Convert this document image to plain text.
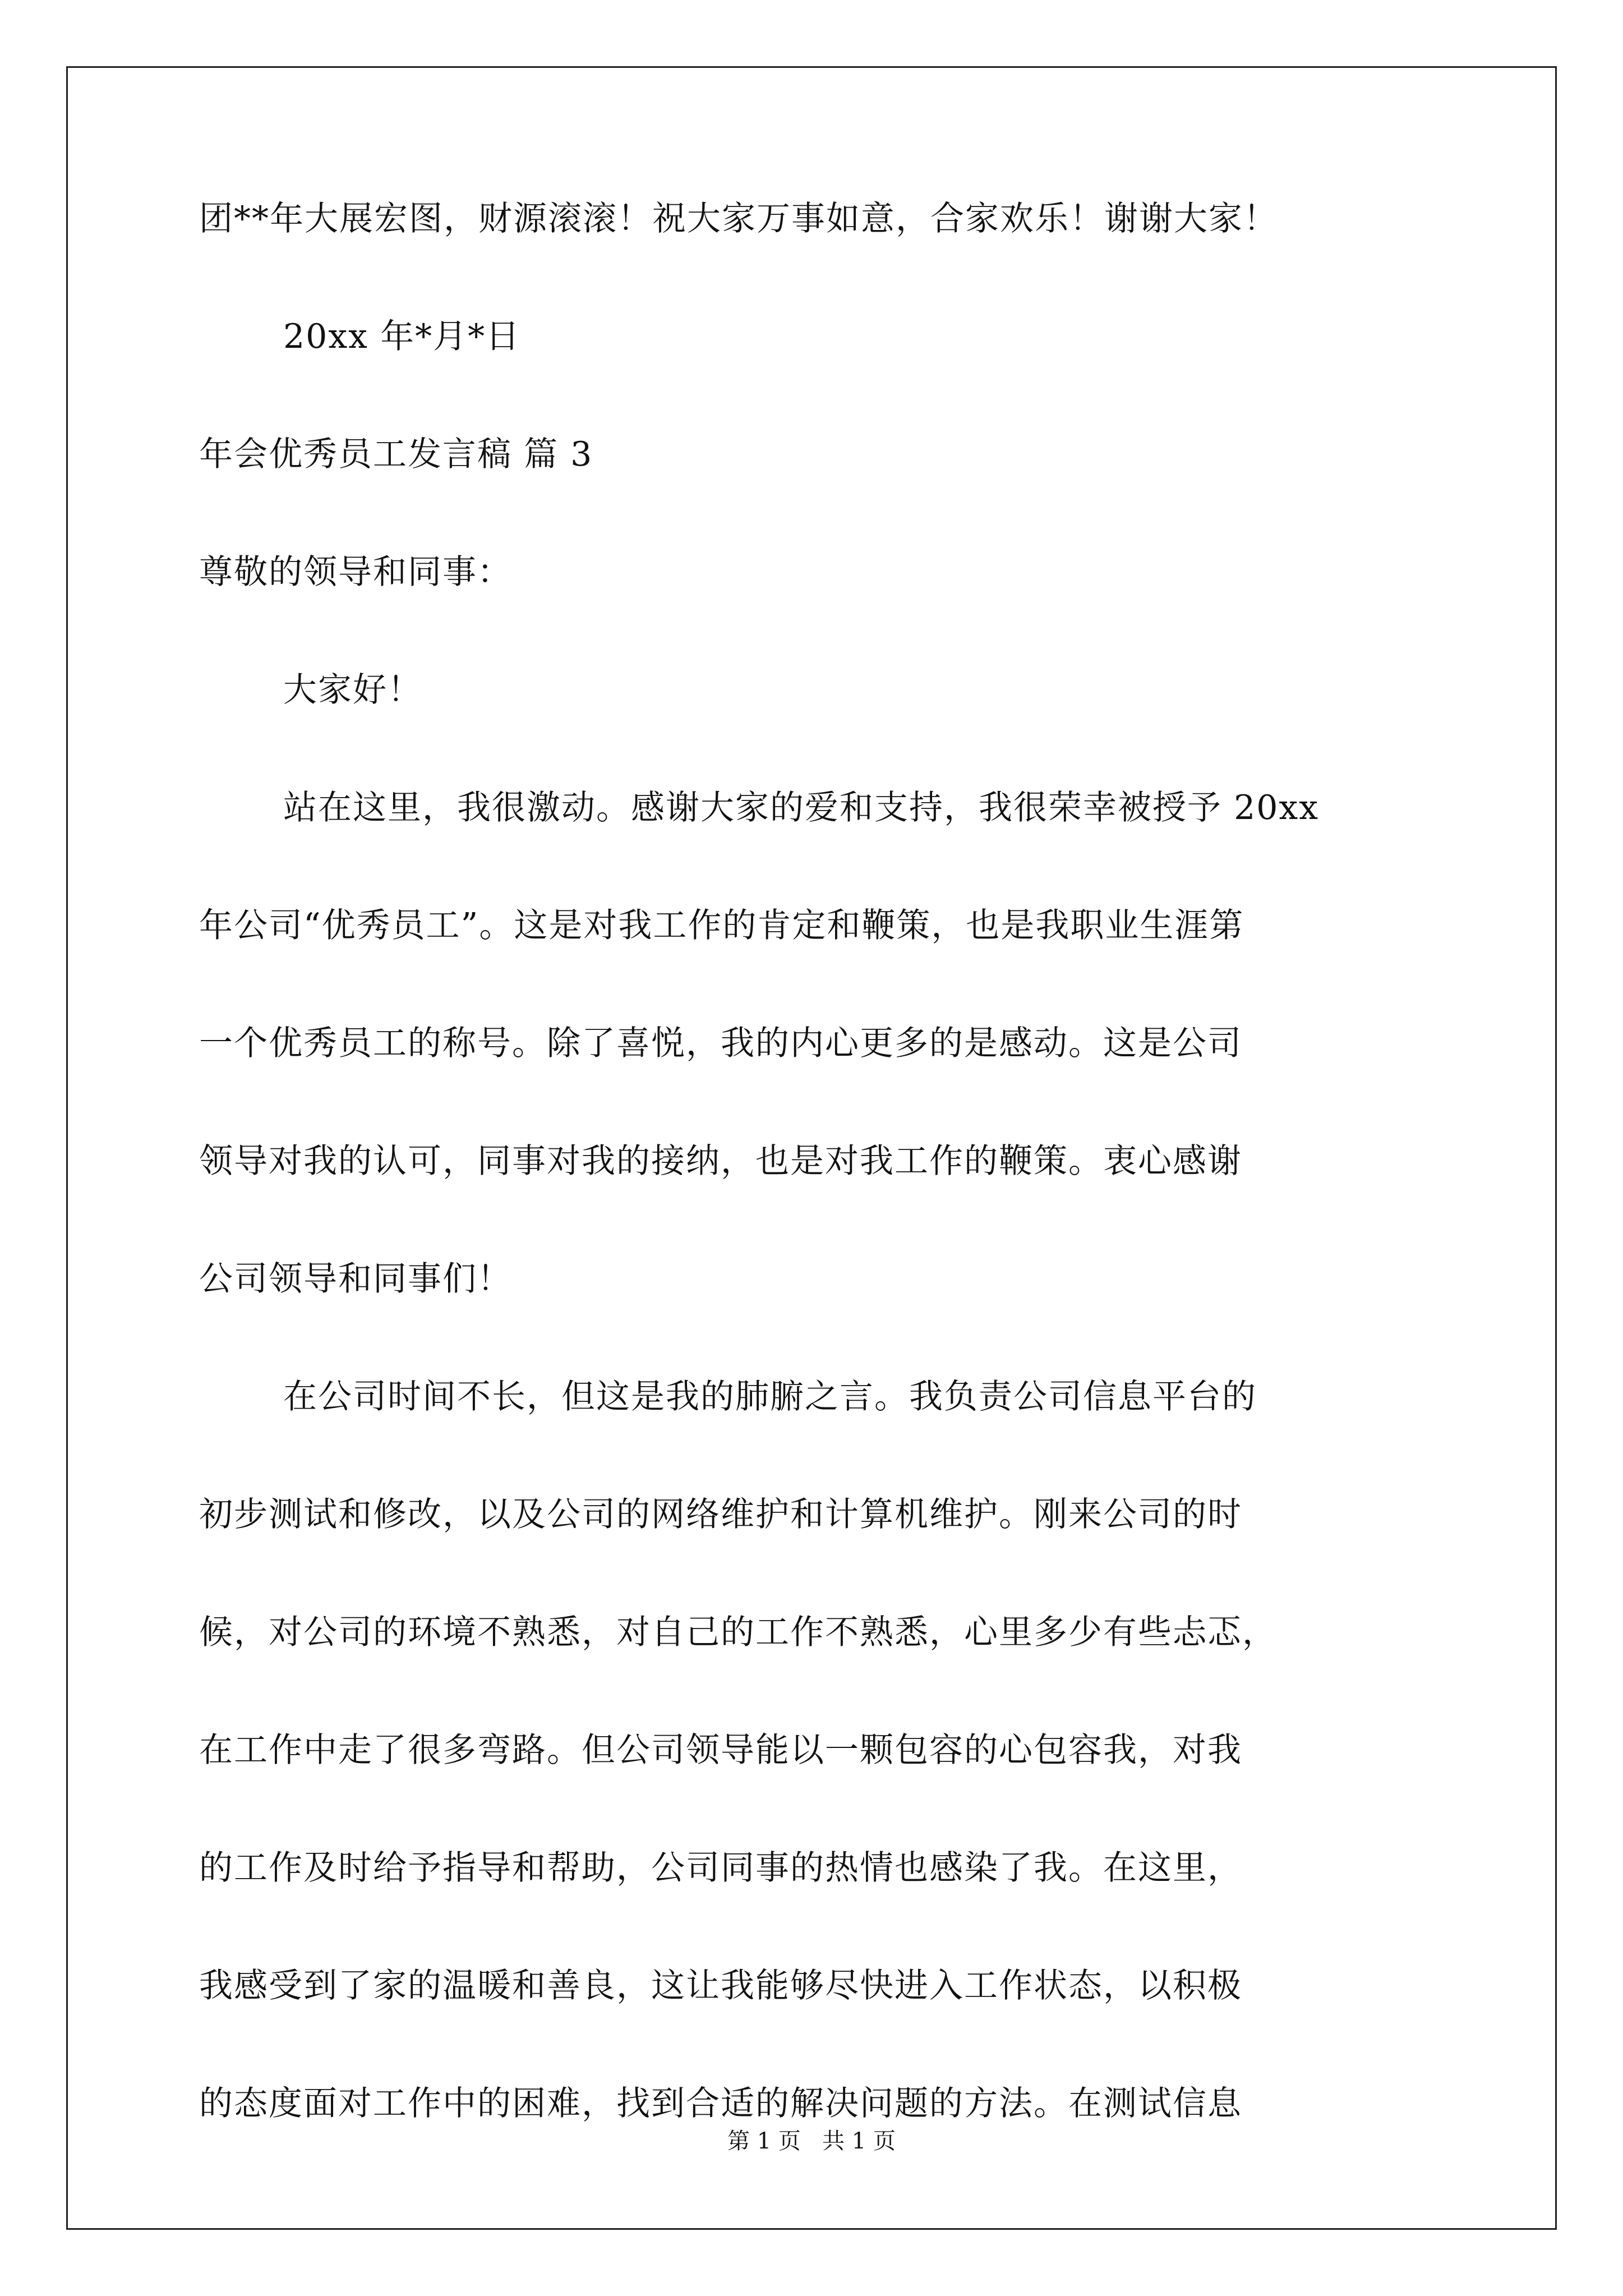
团**年大展宏图，财源滚滚！祝大家万事如意，合家欢乐！谢谢大家！
20xx 年*月*日
年会优秀员工发言稿 篇 3
尊敬的领导和同事：
大家好！
站在这里，我很激动。感谢大家的爱和支持，我很荣幸被授予 20xx
年公司“优秀员工”。这是对我工作的肯定和鞭策，也是我职业生涯第
一个优秀员工的称号。除了喜悦，我的内心更多的是感动。这是公司
领导对我的认可，同事对我的接纳，也是对我工作的鞭策。衷心感谢
公司领导和同事们！
在公司时间不长，但这是我的肺腑之言。我负责公司信息平台的
初步测试和修改，以及公司的网络维护和计算机维护。刚来公司的时
候，对公司的环境不熟悉，对自己的工作不熟悉，心里多少有些忐忑，
在工作中走了很多弯路。但公司领导能以一颗包容的心包容我，对我
的工作及时给予指导和帮助，公司同事的热情也感染了我。在这里，
我感受到了家的温暖和善良，这让我能够尽快进入工作状态，以积极
的态度面对工作中的困难，找到合适的解决问题的方法。在测试信息
第 1 页   共 1 页
